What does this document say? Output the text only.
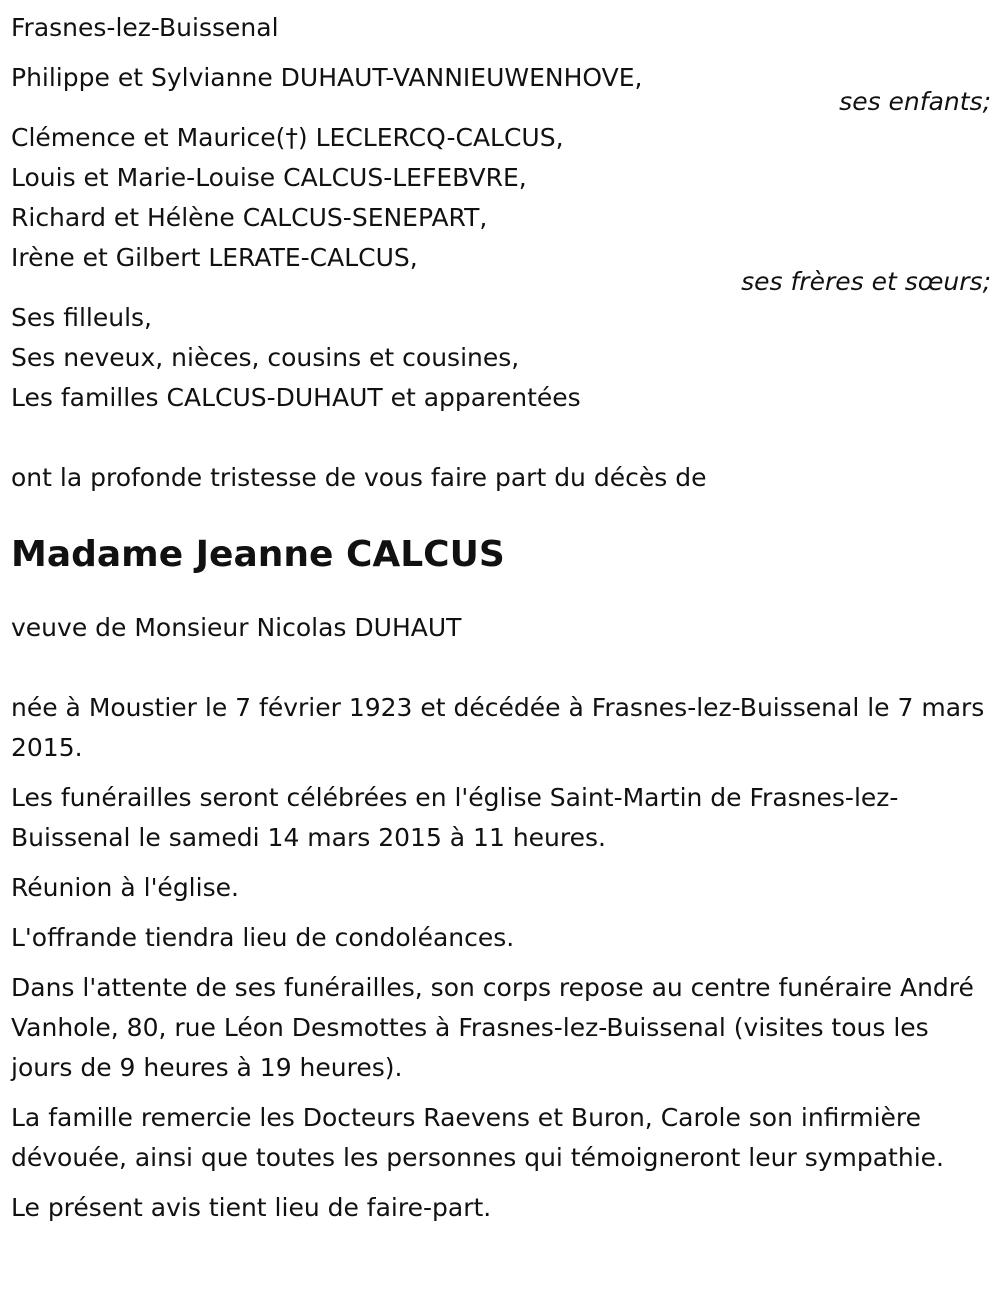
Frasnes-lez-Buissenal
Philippe et Sylvianne DUHAUT-VANNIEUWENHOVE,
ses enfants;
Clémence et Maurice(†) LECLERCQ-CALCUS,
Louis et Marie-Louise CALCUS-LEFEBVRE,
Richard et Hélène CALCUS-SENEPART,
Irène et Gilbert LERATE-CALCUS,
ses frères et sœurs;
Ses filleuls,
Ses neveux, nièces, cousins et cousines,
Les familles CALCUS-DUHAUT et apparentées
ont la profonde tristesse de vous faire part du décès de
Madame Jeanne CALCUS
veuve de Monsieur Nicolas DUHAUT

née à Moustier le 7 février 1923 et décédée à Frasnes-lez-Buissenal le 7 mars 2015.

Les funérailles seront célébrées en l'église Saint-Martin de Frasnes-lez-Buissenal le samedi 14 mars 2015 à 11 heures.

Réunion à l'église.

L'offrande tiendra lieu de condoléances.

Dans l'attente de ses funérailles, son corps repose au centre funéraire André Vanhole, 80, rue Léon Desmottes à Frasnes-lez-Buissenal (visites tous les jours de 9 heures à 19 heures).

La famille remercie les Docteurs Raevens et Buron, Carole son infirmière dévouée, ainsi que toutes les personnes qui témoigneront leur sympathie.

Le présent avis tient lieu de faire-part.
